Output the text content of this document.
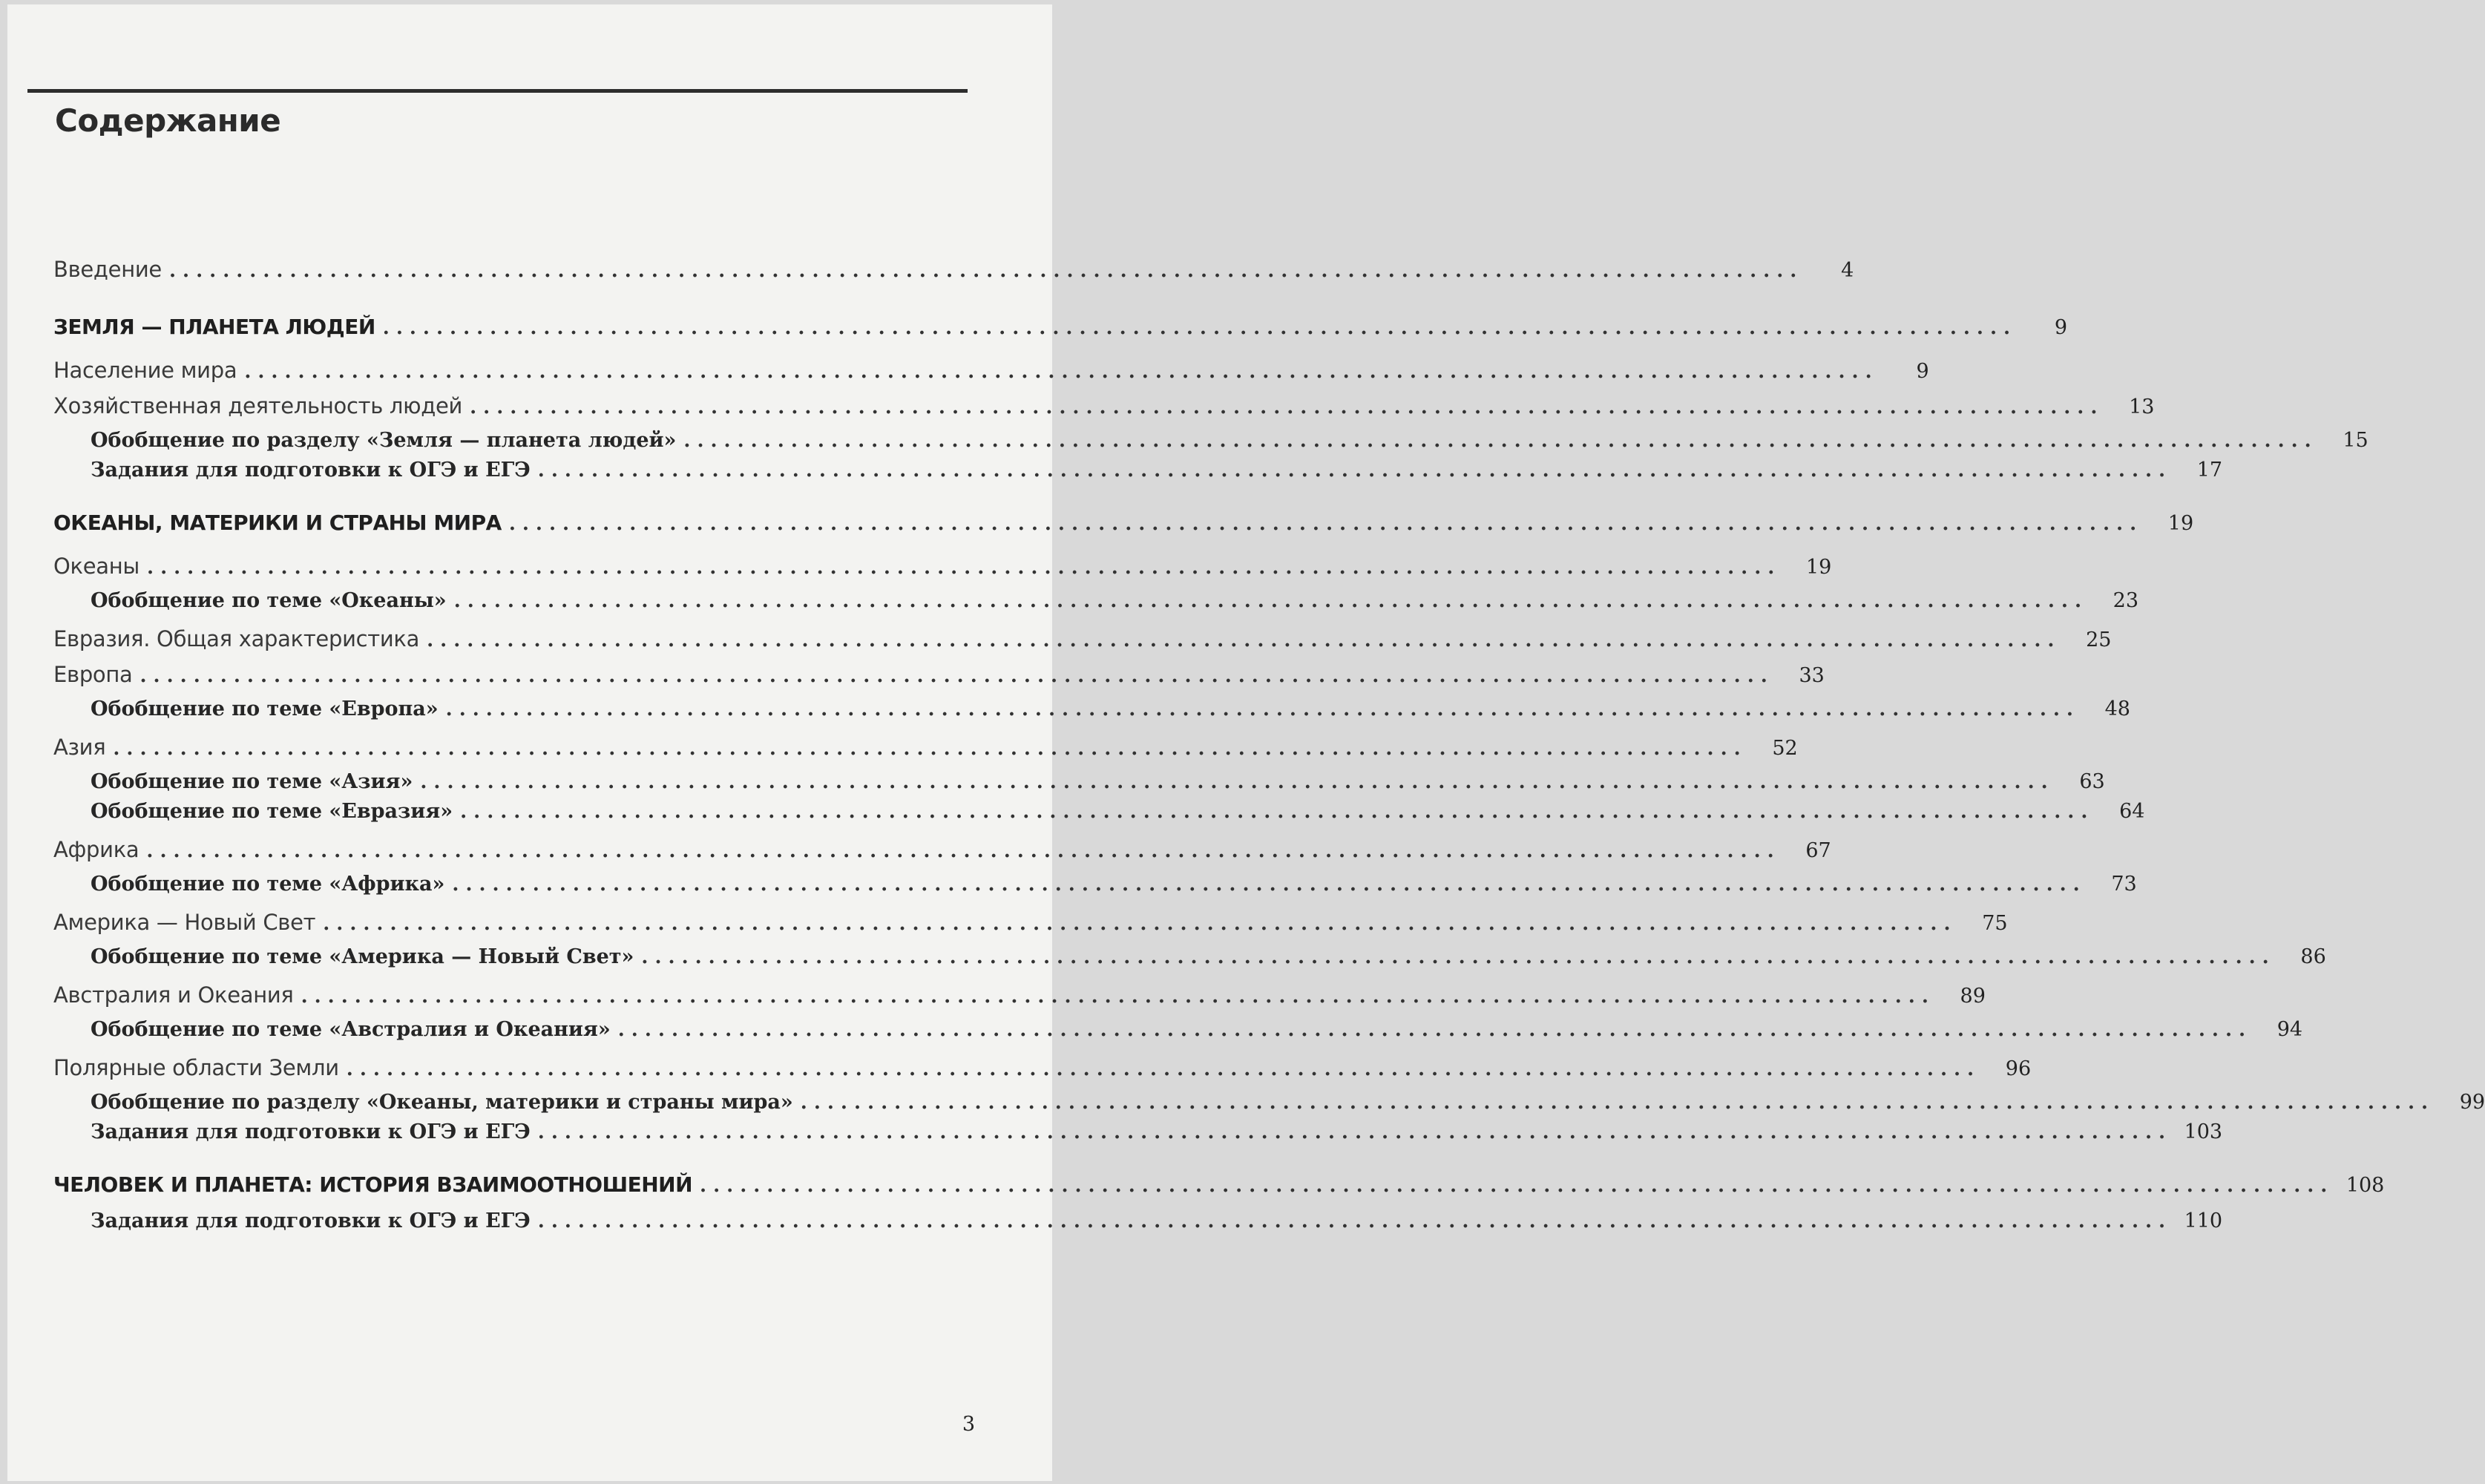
Содержание
Введение ..........................................................................................................................	4
ЗЕМЛЯ — ПЛАНЕТА ЛЮДЕЙ ..........................................................................................................................	9
Население мира ..........................................................................................................................	9
Хозяйственная деятельность людей ..........................................................................................................................	13
Обобщение по разделу «Земля — планета людей» ..........................................................................................................................	15
Задания для подготовки к ОГЭ и ЕГЭ ..........................................................................................................................	17
ОКЕАНЫ, МАТЕРИКИ И СТРАНЫ МИРА ..........................................................................................................................	19
Океаны ..........................................................................................................................	19
Обобщение по теме «Океаны» ..........................................................................................................................	23
Евразия. Общая характеристика ..........................................................................................................................	25
Европа ..........................................................................................................................	33
Обобщение по теме «Европа» ..........................................................................................................................	48
Азия ..........................................................................................................................	52
Обобщение по теме «Азия» ..........................................................................................................................	63
Обобщение по теме «Евразия» ..........................................................................................................................	64
Африка ..........................................................................................................................	67
Обобщение по теме «Африка» ..........................................................................................................................	73
Америка — Новый Свет ..........................................................................................................................	75
Обобщение по теме «Америка — Новый Свет» ..........................................................................................................................	86
Австралия и Океания ..........................................................................................................................	89
Обобщение по теме «Австралия и Океания» ..........................................................................................................................	94
Полярные области Земли ..........................................................................................................................	96
Обобщение по разделу «Океаны, материки и страны мира» ..........................................................................................................................	99
Задания для подготовки к ОГЭ и ЕГЭ .......................................................................................................................... 103
ЧЕЛОВЕК И ПЛАНЕТА: ИСТОРИЯ ВЗАИМООТНОШЕНИЙ .......................................................................................................................... 108
Задания для подготовки к ОГЭ и ЕГЭ .......................................................................................................................... 110
3
